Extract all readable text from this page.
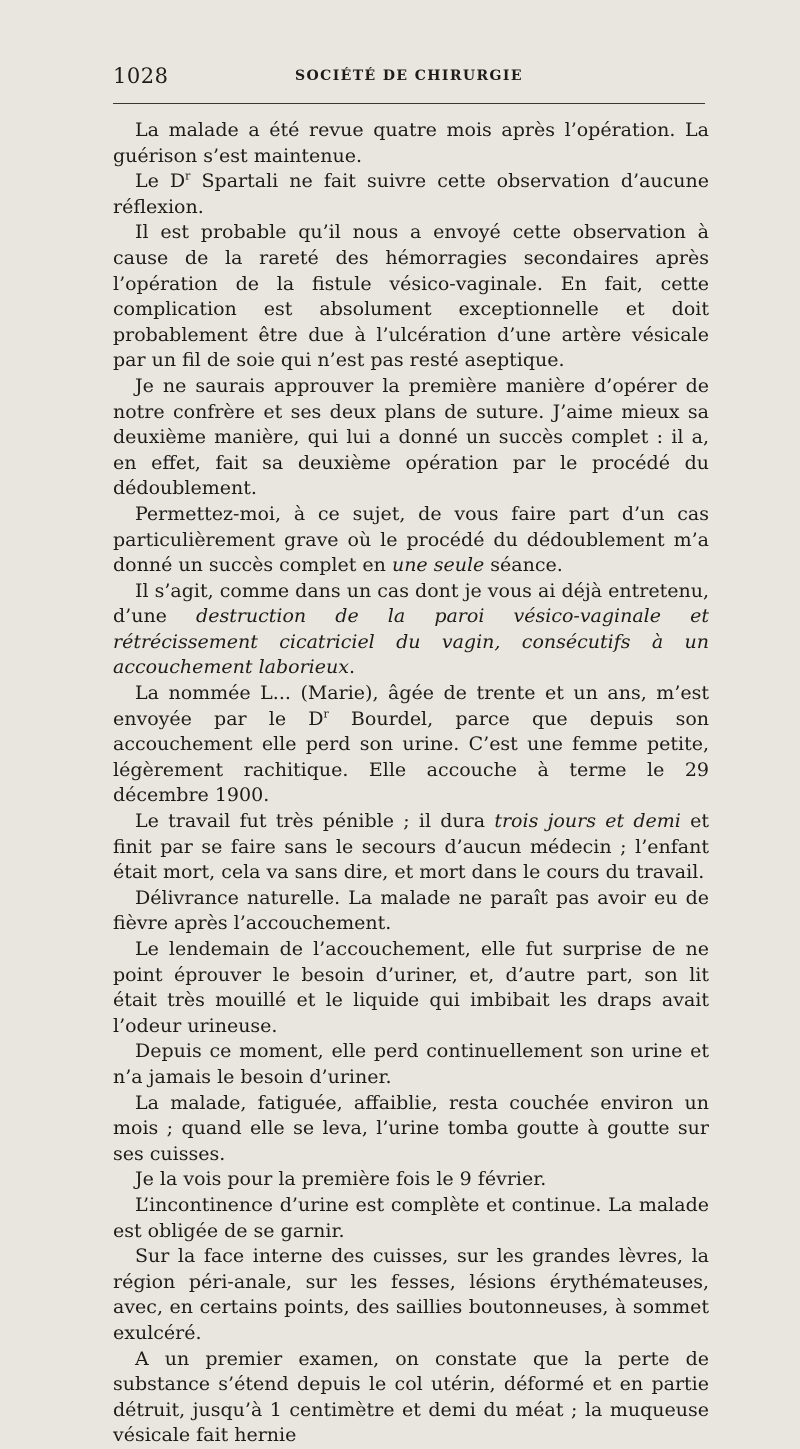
1028	SOCIÉTÉ DE CHIRURGIE

La malade a été revue quatre mois après l’opération. La guérison s’est maintenue.

Le $D^r$ Spartali ne fait suivre cette observation d’aucune réflexion.

Il est probable qu’il nous a envoyé cette observation à cause de la rareté des hémorragies secondaires après l’opération de la fistule vésico-vaginale. En fait, cette complication est absolument exceptionnelle et doit probablement être due à l’ulcération d’une artère vésicale par un fil de soie qui n’est pas resté aseptique.

Je ne saurais approuver la première manière d’opérer de notre confrère et ses deux plans de suture. J’aime mieux sa deuxième manière, qui lui a donné un succès complet : il a, en effet, fait sa deuxième opération par le procédé du dédoublement.

Permettez-moi, à ce sujet, de vous faire part d’un cas particulièrement grave où le procédé du dédoublement m’a donné un succès complet en une seule séance.

Il s’agit, comme dans un cas dont je vous ai déjà entretenu, d’une destruction de la paroi vésico-vaginale et rétrécissement cicatriciel du vagin, consécutifs à un accouchement laborieux.

La nommée L... (Marie), âgée de trente et un ans, m’est envoyée par le $D^r$ Bourdel, parce que depuis son accouchement elle perd son urine. C’est une femme petite, légèrement rachitique. Elle accouche à terme le 29 décembre 1900.

Le travail fut très pénible ; il dura trois jours et demi et finit par se faire sans le secours d’aucun médecin ; l’enfant était mort, cela va sans dire, et mort dans le cours du travail.

Délivrance naturelle. La malade ne paraît pas avoir eu de fièvre après l’accouchement.

Le lendemain de l’accouchement, elle fut surprise de ne point éprouver le besoin d’uriner, et, d’autre part, son lit était très mouillé et le liquide qui imbibait les draps avait l’odeur urineuse.

Depuis ce moment, elle perd continuellement son urine et n’a jamais le besoin d’uriner.

La malade, fatiguée, affaiblie, resta couchée environ un mois ; quand elle se leva, l’urine tomba goutte à goutte sur ses cuisses.

Je la vois pour la première fois le 9 février.

L’incontinence d’urine est complète et continue. La malade est obligée de se garnir.

Sur la face interne des cuisses, sur les grandes lèvres, la région péri-anale, sur les fesses, lésions érythémateuses, avec, en certains points, des saillies boutonneuses, à sommet exulcéré.

A un premier examen, on constate que la perte de substance s’étend depuis le col utérin, déformé et en partie détruit, jusqu’à 1 centimètre et demi du méat ; la muqueuse vésicale fait hernie
